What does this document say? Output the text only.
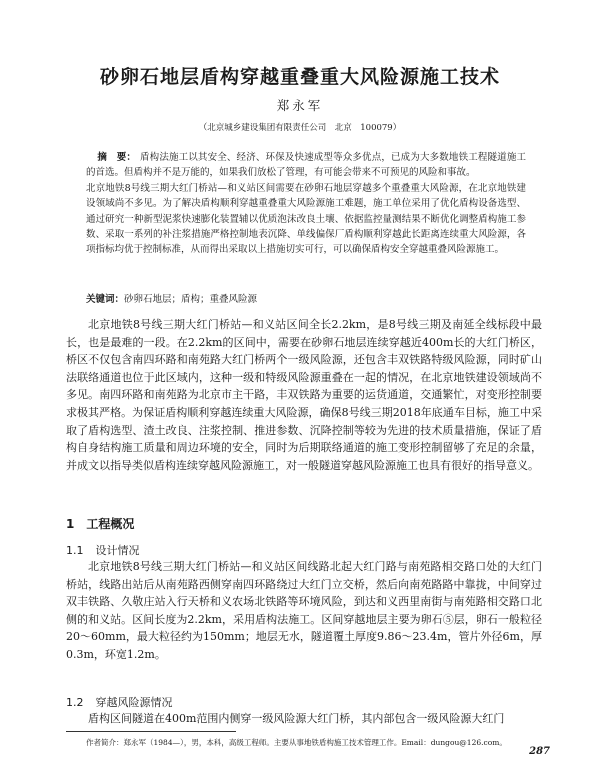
砂卵石地层盾构穿越重叠重大风险源施工技术
郑永军
（北京城乡建设集团有限责任公司　北京　100079）

摘　要： 盾构法施工以其安全、经济、环保及快速成型等众多优点，已成为大多数地铁工程隧道施工的首选。但盾构并不是万能的，如果我们放松了管理，有可能会带来不可预见的风险和事故。

北京地铁8号线三期大红门桥站—和义站区间需要在砂卵石地层穿越多个重叠重大风险源，在北京地铁建设领域尚不多见。为了解决盾构顺利穿越重叠重大风险源施工难题，施工单位采用了优化盾构设备选型、通过研究一种新型泥浆快速膨化装置辅以优质泡沫改良土壤、依据监控量测结果不断优化调整盾构施工参数、采取一系列的补注浆措施严格控制地表沉降、单线偏保厂盾构顺利穿越此长距离连续重大风险源，各项指标均优于控制标准，从而得出采取以上措施切实可行，可以确保盾构安全穿越重叠风险源施工。

关键词：砂卵石地层；盾构；重叠风险源

北京地铁8号线三期大红门桥站—和义站区间全长2.2km，是8号线三期及南延全线标段中最长，也是最难的一段。在2.2km的区间中，需要在砂卵石地层连续穿越近400m长的大红门桥区，桥区不仅包含南四环路和南苑路大红门桥两个一级风险源，还包含丰双铁路特级风险源，同时矿山法联络通道也位于此区域内，这种一级和特级风险源重叠在一起的情况，在北京地铁建设领域尚不多见。南四环路和南苑路为北京市主干路，丰双铁路为重要的运货通道，交通繁忙，对变形控制要求极其严格。为保证盾构顺利穿越连续重大风险源，确保8号线三期2018年底通车目标，施工中采取了盾构选型、渣土改良、注浆控制、推进参数、沉降控制等较为先进的技术质量措施，保证了盾构自身结构施工质量和周边环境的安全，同时为后期联络通道的施工变形控制留够了充足的余量，并成文以指导类似盾构连续穿越风险源施工，对一般隧道穿越风险源施工也具有很好的指导意义。

1 工程概况
1.1 设计情况

北京地铁8号线三期大红门桥站—和义站区间线路北起大红门路与南苑路相交路口处的大红门桥站，线路出站后从南苑路西侧穿南四环路绕过大红门立交桥，然后向南苑路路中靠拢，中间穿过双丰铁路、久敬庄站入行天桥和义农场北铁路等环境风险，到达和义西里南街与南苑路相交路口北侧的和义站。区间长度为2.2km，采用盾构法施工。区间穿越地层主要为卵石⑤层，卵石一般粒径20～60mm，最大粒径约为150mm；地层无水，隧道覆土厚度9.86～23.4m，管片外径6m，厚0.3m，环宽1.2m。

1.2 穿越风险源情况

盾构区间隧道在400m范围内侧穿一级风险源大红门桥，其内部包含一级风险源大红门

作者简介：郑永军（1984—），男，本科，高级工程师。主要从事地铁盾构施工技术管理工作。Email：dungou@126.com。
287
